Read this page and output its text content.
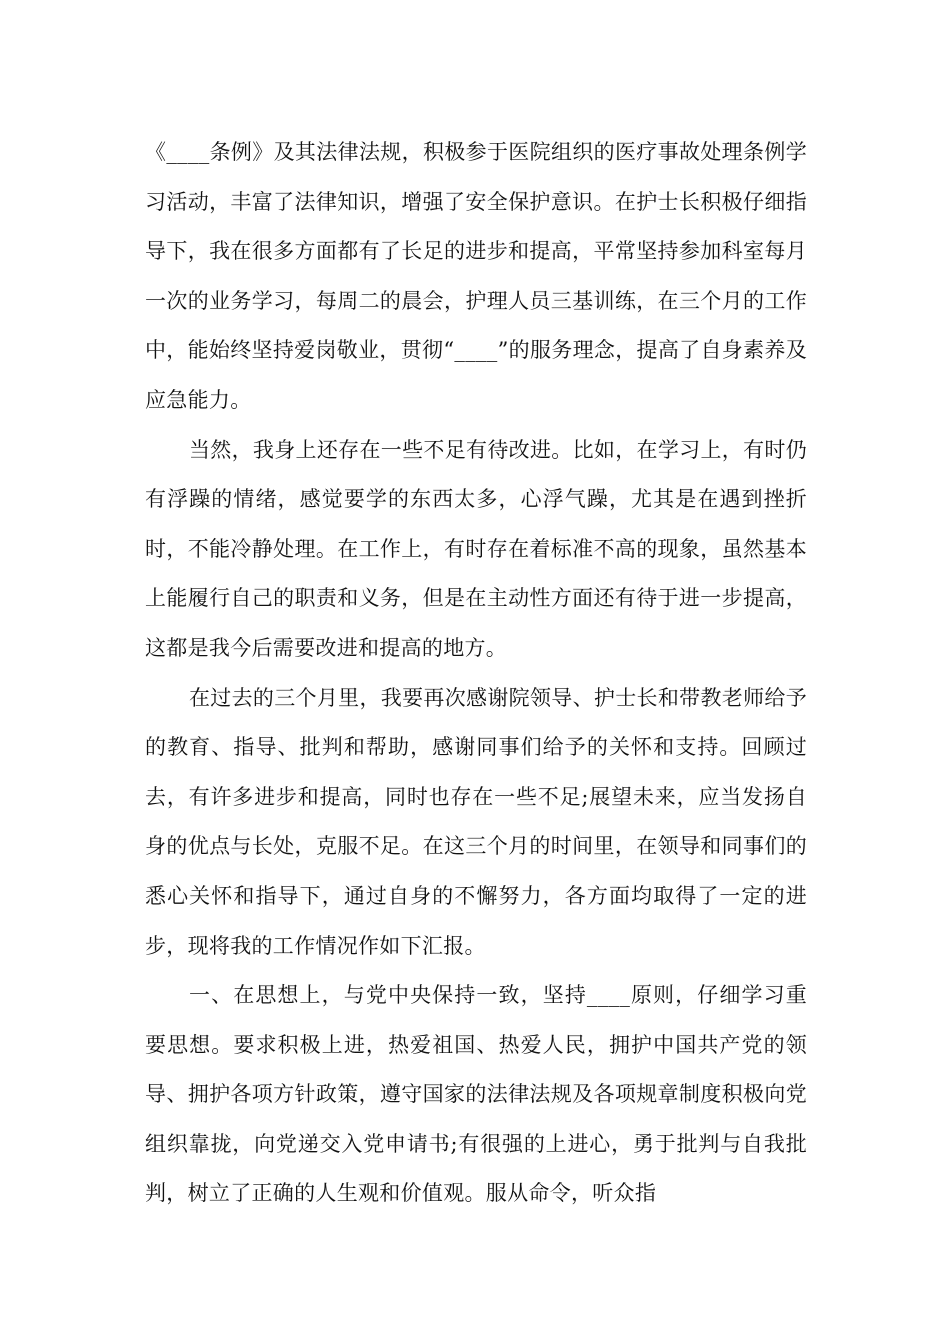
《____条例》及其法律法规，积极参于医院组织的医疗事故处理条例学习活动，丰富了法律知识，增强了安全保护意识。在护士长积极仔细指导下，我在很多方面都有了长足的进步和提高，平常坚持参加科室每月一次的业务学习，每周二的晨会，护理人员三基训练，在三个月的工作中，能始终坚持爱岗敬业，贯彻“____”的服务理念，提高了自身素养及应急能力。

当然，我身上还存在一些不足有待改进。比如，在学习上，有时仍有浮躁的情绪，感觉要学的东西太多，心浮气躁，尤其是在遇到挫折时，不能冷静处理。在工作上，有时存在着标准不高的现象，虽然基本上能履行自己的职责和义务，但是在主动性方面还有待于进一步提高，这都是我今后需要改进和提高的地方。

在过去的三个月里，我要再次感谢院领导、护士长和带教老师给予的教育、指导、批判和帮助，感谢同事们给予的关怀和支持。回顾过去，有许多进步和提高，同时也存在一些不足;展望未来，应当发扬自身的优点与长处，克服不足。在这三个月的时间里，在领导和同事们的悉心关怀和指导下，通过自身的不懈努力，各方面均取得了一定的进步，现将我的工作情况作如下汇报。

一、在思想上，与党中央保持一致，坚持____原则，仔细学习重要思想。要求积极上进，热爱祖国、热爱人民，拥护中国共产党的领导、拥护各项方针政策，遵守国家的法律法规及各项规章制度积极向党组织靠拢，向党递交入党申请书;有很强的上进心，勇于批判与自我批判，树立了正确的人生观和价值观。服从命令，听众指
